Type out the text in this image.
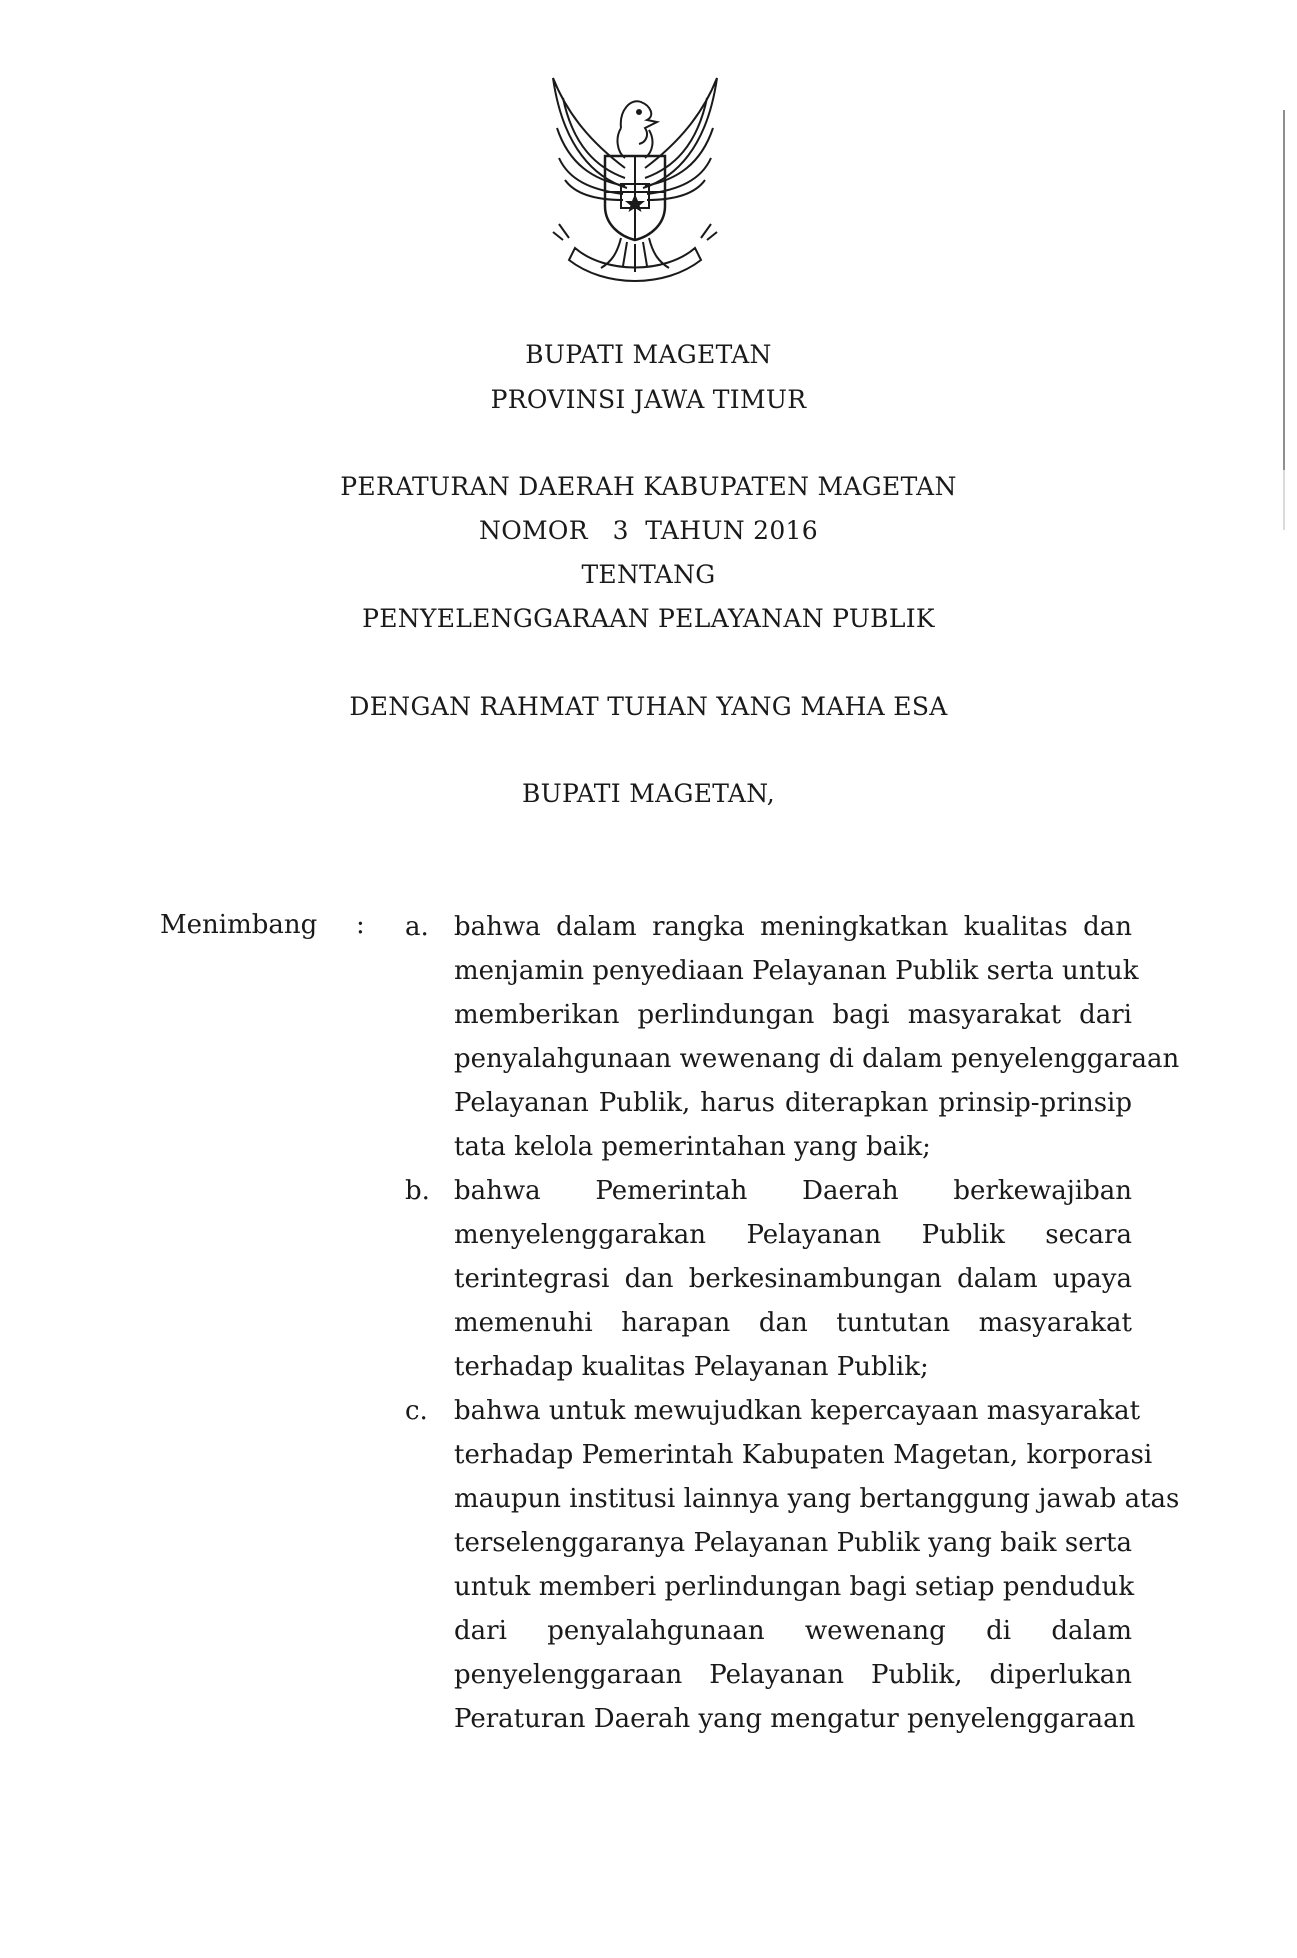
BUPATI MAGETAN
PROVINSI JAWA TIMUR
PERATURAN DAERAH KABUPATEN MAGETAN
NOMOR   3  TAHUN 2016
TENTANG
PENYELENGGARAAN PELAYANAN PUBLIK
DENGAN RAHMAT TUHAN YANG MAHA ESA
BUPATI MAGETAN,
Menimbang : a. bahwa dalam rangka meningkatkan kualitas dan
menjamin penyediaan Pelayanan Publik serta untuk
memberikan perlindungan bagi masyarakat dari
penyalahgunaan wewenang di dalam penyelenggaraan
Pelayanan Publik, harus diterapkan prinsip-prinsip
tata kelola pemerintahan yang baik;
b. bahwa Pemerintah Daerah berkewajiban
menyelenggarakan Pelayanan Publik secara
terintegrasi dan berkesinambungan dalam upaya
memenuhi harapan dan tuntutan masyarakat
terhadap kualitas Pelayanan Publik;
c. bahwa untuk mewujudkan kepercayaan masyarakat
terhadap Pemerintah Kabupaten Magetan, korporasi
maupun institusi lainnya yang bertanggung jawab atas
terselenggaranya Pelayanan Publik yang baik serta
untuk memberi perlindungan bagi setiap penduduk
dari penyalahgunaan wewenang di dalam
penyelenggaraan Pelayanan Publik, diperlukan
Peraturan Daerah yang mengatur penyelenggaraan
